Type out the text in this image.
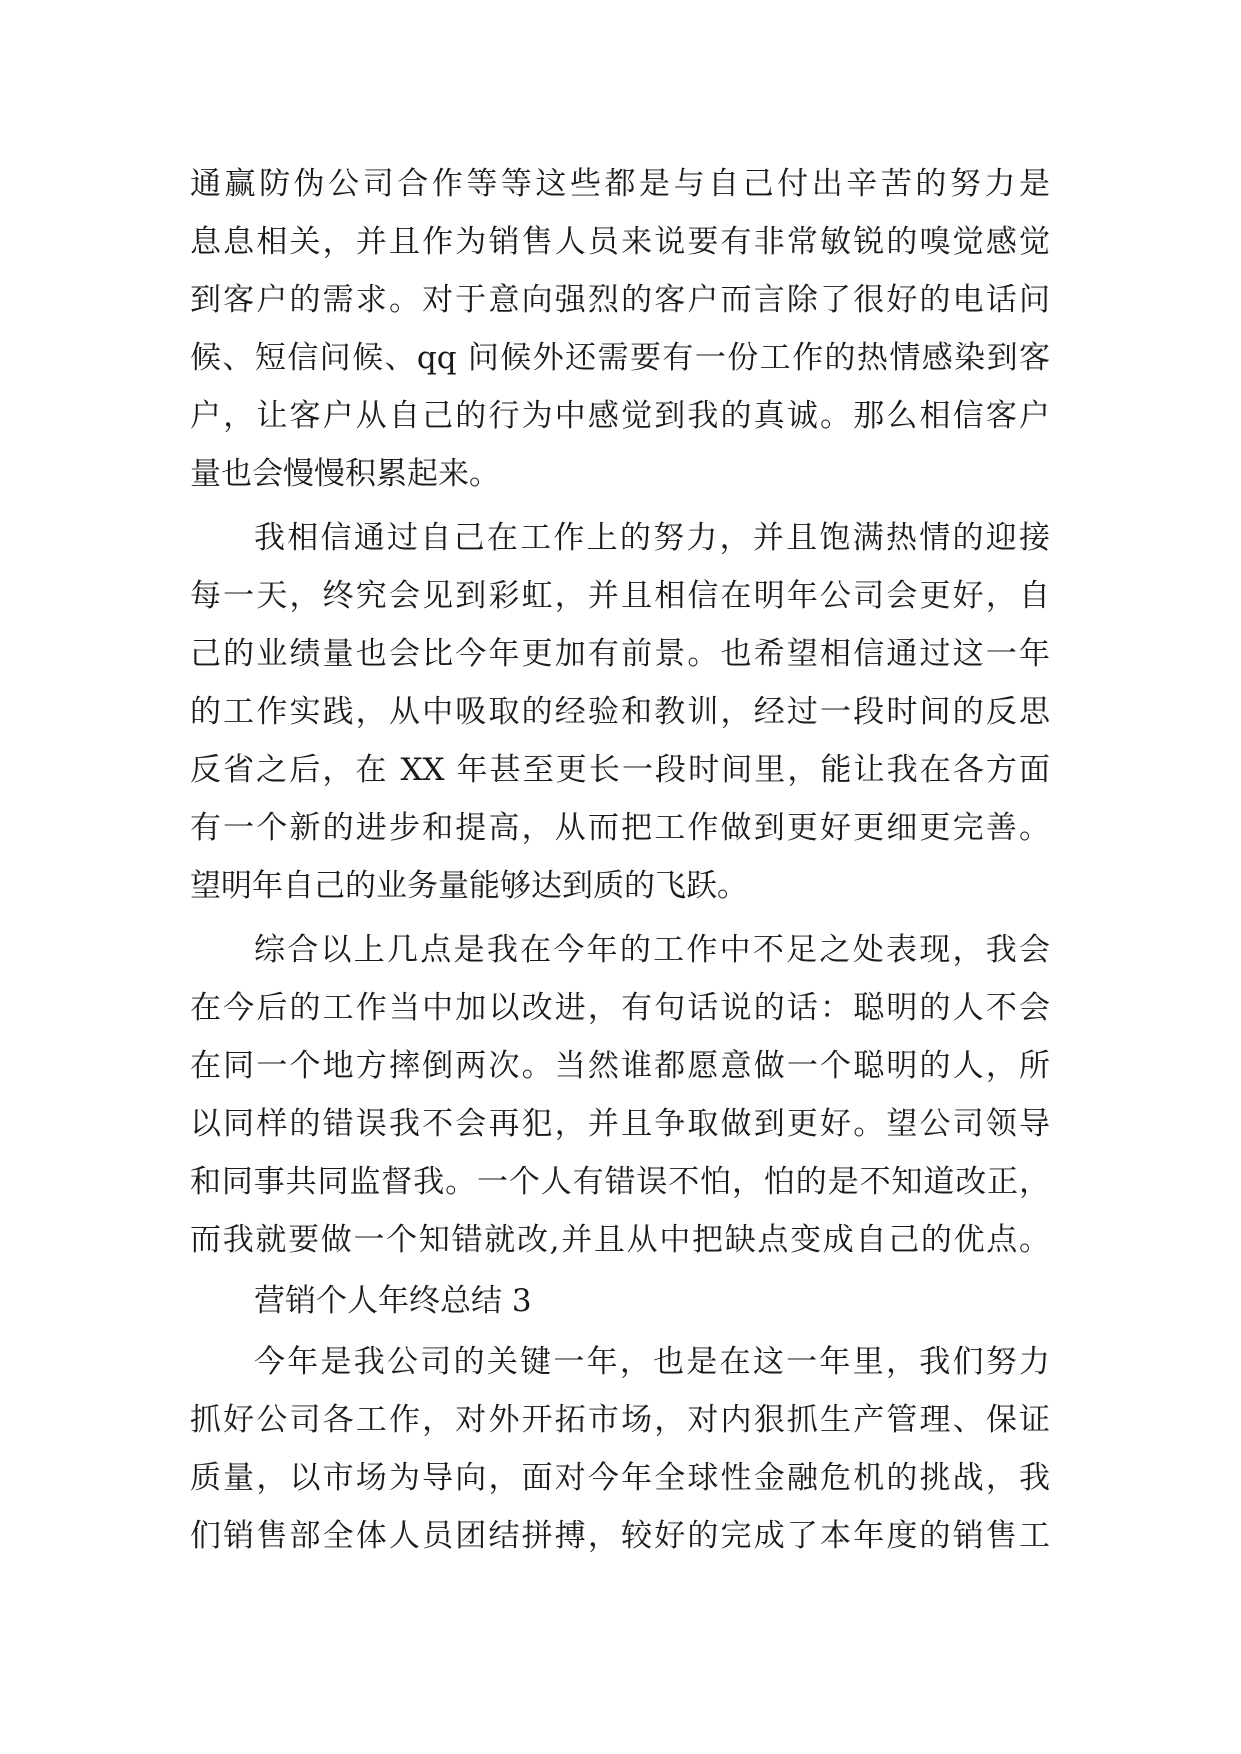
通赢防伪公司合作等等这些都是与自己付出辛苦的努力是
息息相关，并且作为销售人员来说要有非常敏锐的嗅觉感觉
到客户的需求。对于意向强烈的客户而言除了很好的电话问
候、短信问候、qq 问候外还需要有一份工作的热情感染到客
户，让客户从自己的行为中感觉到我的真诚。那么相信客户
量也会慢慢积累起来。
我相信通过自己在工作上的努力，并且饱满热情的迎接
每一天，终究会见到彩虹，并且相信在明年公司会更好，自
己的业绩量也会比今年更加有前景。也希望相信通过这一年
的工作实践，从中吸取的经验和教训，经过一段时间的反思
反省之后，在 XX 年甚至更长一段时间里，能让我在各方面
有一个新的进步和提高，从而把工作做到更好更细更完善。
望明年自己的业务量能够达到质的飞跃。
综合以上几点是我在今年的工作中不足之处表现，我会
在今后的工作当中加以改进，有句话说的话：聪明的人不会
在同一个地方摔倒两次。当然谁都愿意做一个聪明的人，所
以同样的错误我不会再犯，并且争取做到更好。望公司领导
和同事共同监督我。一个人有错误不怕，怕的是不知道改正，
而我就要做一个知错就改,并且从中把缺点变成自己的优点。
营销个人年终总结 3
今年是我公司的关键一年，也是在这一年里，我们努力
抓好公司各工作，对外开拓市场，对内狠抓生产管理、保证
质量，以市场为导向，面对今年全球性金融危机的挑战，我
们销售部全体人员团结拼搏，较好的完成了本年度的销售工
